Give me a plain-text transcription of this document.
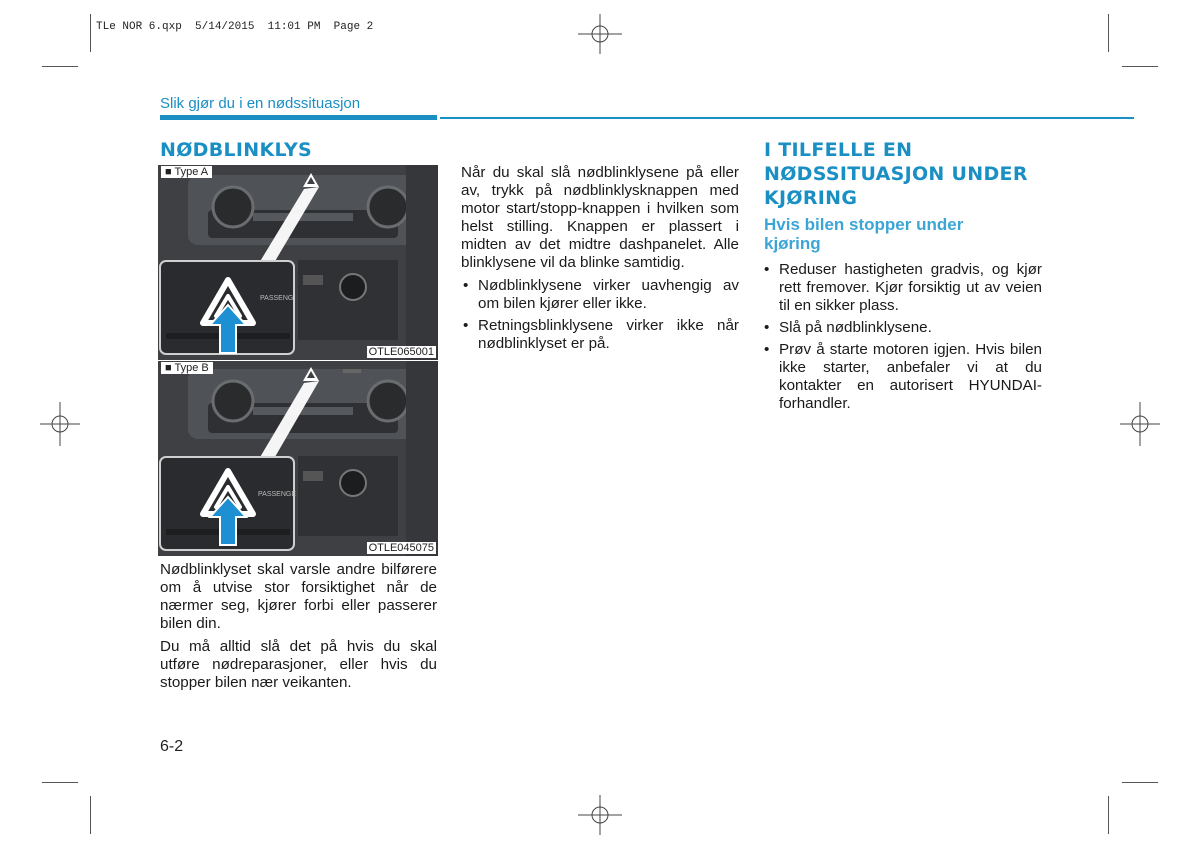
TLe NOR 6.qxp  5/14/2015  11:01 PM  Page 2
Slik gjør du i en nødssituasjon
NØDBLINKLYS
PASSENG
■ Type A
OTLE065001
PASSENGE
■ Type B
OTLE045075

Nødblinklyset skal varsle andre bilførere om å utvise stor forsiktighet når de nærmer seg, kjører forbi eller passerer bilen din.

Du må alltid slå det på hvis du skal utføre nødreparasjoner, eller hvis du stopper bilen nær veikanten.

Når du skal slå nødblinklysene på eller av, trykk på nødblinklysknappen med motor start/stopp-knappen i hvilken som helst stilling. Knappen er plassert i midten av det midtre dashpanelet. Alle blinklysene vil da blinke samtidig.

• Nødblinklysene virker uavhengig av om bilen kjører eller ikke.
• Retningsblinklysene virker ikke når nødblinklyset er på.
I TILFELLE EN
NØDSSITUASJON UNDER
KJØRING
Hvis bilen stopper under
kjøring
• Reduser hastigheten gradvis, og kjør rett fremover. Kjør forsiktig ut av veien til en sikker plass.
• Slå på nødblinklysene.
• Prøv å starte motoren igjen. Hvis bilen ikke starter, anbefaler vi at du kontakter en autorisert HYUNDAI-forhandler.
6-2
